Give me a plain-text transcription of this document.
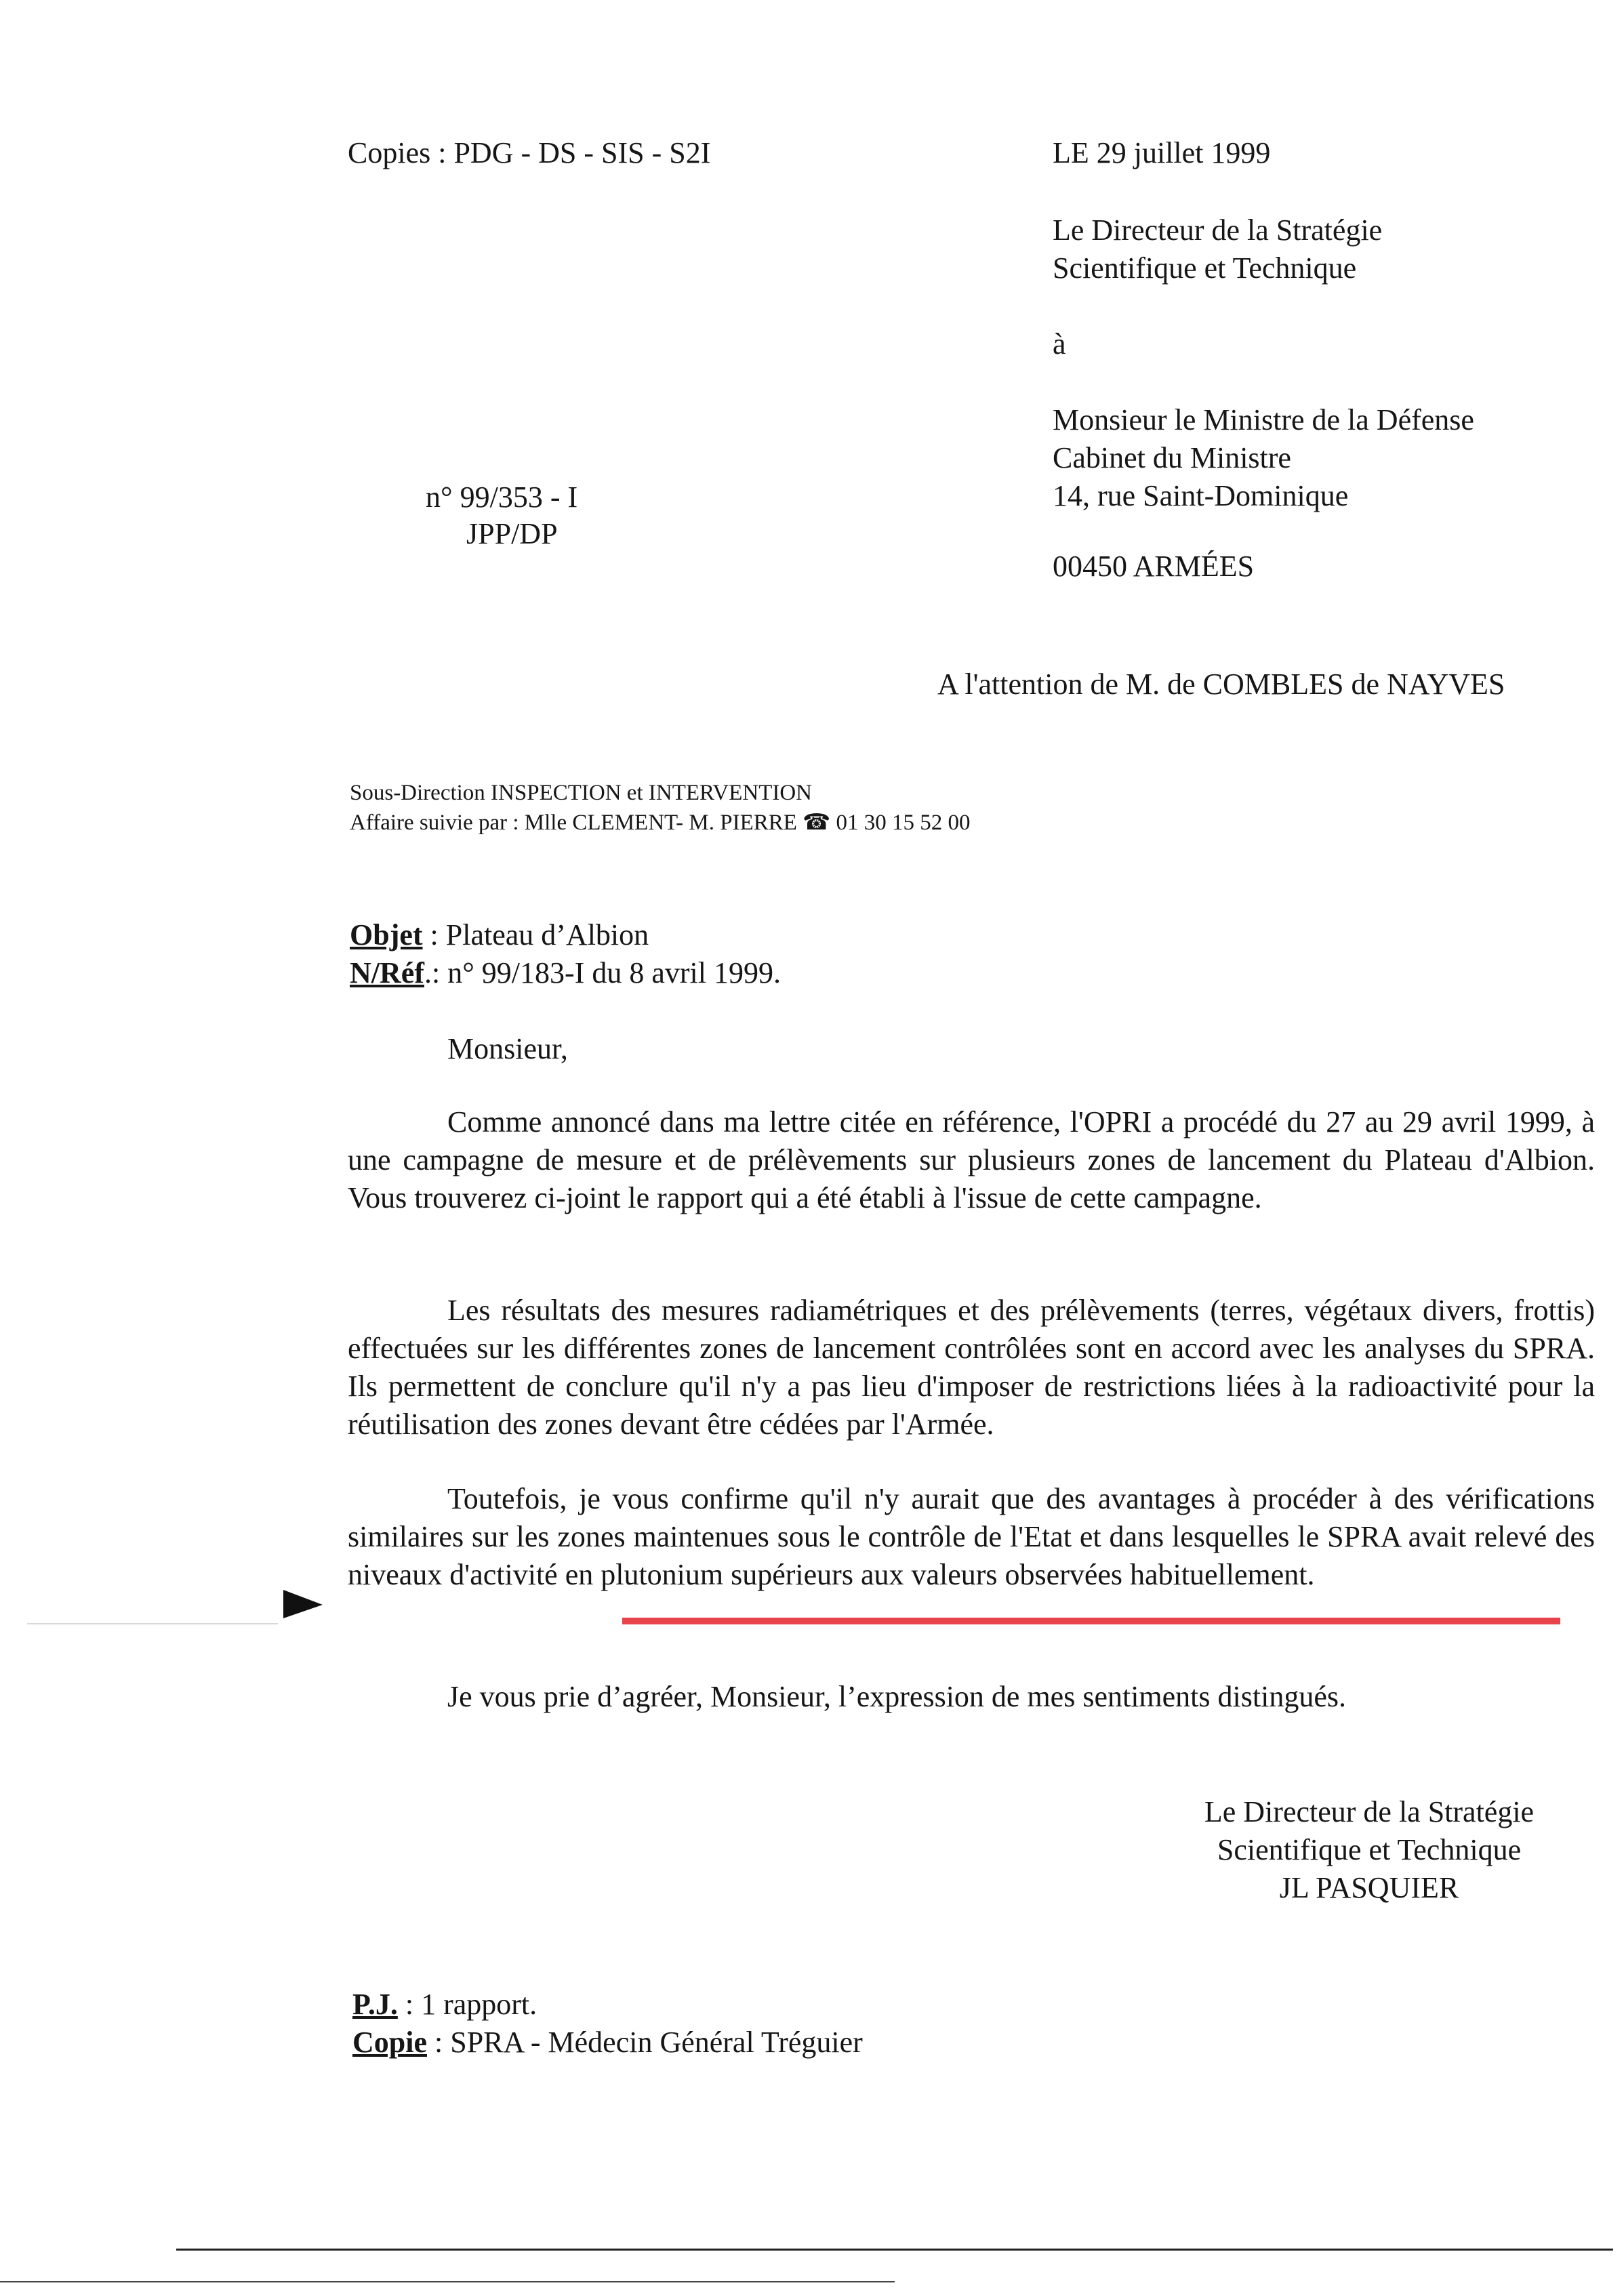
Copies : PDG - DS - SIS - S2I
n° 99/353 - I
JPP/DP
LE 29 juillet 1999
Le Directeur de la Stratégie
Scientifique et Technique
à
Monsieur le Ministre de la Défense
Cabinet du Ministre
14, rue Saint-Dominique
00450 ARMÉES
A l'attention de M. de COMBLES de NAYVES
Sous-Direction INSPECTION et INTERVENTION
Affaire suivie par : Mlle CLEMENT- M. PIERRE ☎ 01 30 15 52 00
Objet : Plateau d’Albion
N/Réf.: n° 99/183-I du 8 avril 1999.
Monsieur,
Comme annoncé dans ma lettre citée en référence, l'OPRI a procédé du 27 au 29 avril 1999, à une campagne de mesure et de prélèvements sur plusieurs zones de lancement du Plateau d'Albion. Vous trouverez ci-joint le rapport qui a été établi à l'issue de cette campagne.
Les résultats des mesures radiamétriques et des prélèvements (terres, végétaux divers, frottis) effectuées sur les différentes zones de lancement contrôlées sont en accord avec les analyses du SPRA. Ils permettent de conclure qu'il n'y a pas lieu d'imposer de restrictions liées à la radioactivité pour la réutilisation des zones devant être cédées par l'Armée.
Toutefois, je vous confirme qu'il n'y aurait que des avantages à procéder à des vérifications similaires sur les zones maintenues sous le contrôle de l'Etat et dans lesquelles le SPRA avait relevé des niveaux d'activité en plutonium supérieurs aux valeurs observées habituellement.
Je vous prie d’agréer, Monsieur, l’expression de mes sentiments distingués.
Le Directeur de la Stratégie
Scientifique et Technique
JL PASQUIER
P.J. : 1 rapport.
Copie : SPRA - Médecin Général Tréguier
